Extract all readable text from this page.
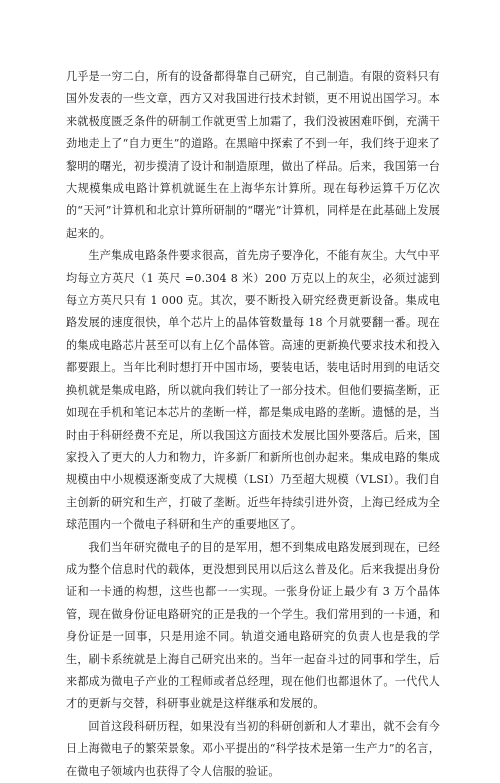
几乎是一穷二白，所有的设备都得靠自己研究，自己制造。有限的资料只有国外发表的一些文章，西方又对我国进行技术封锁，更不用说出国学习。本来就极度匮乏条件的研制工作就更雪上加霜了，我们没被困难吓倒，充满干劲地走上了“自力更生”的道路。在黑暗中探索了不到一年，我们终于迎来了黎明的曙光，初步摸清了设计和制造原理，做出了样品。后来，我国第一台大规模集成电路计算机就诞生在上海华东计算所。现在每秒运算千万亿次的“天河”计算机和北京计算所研制的“曙光”计算机，同样是在此基础上发展起来的。

生产集成电路条件要求很高，首先房子要净化，不能有灰尘。大气中平均每立方英尺（1 英尺 =0.304 8 米）200 万克以上的灰尘，必须过滤到每立方英尺只有 1 000 克。其次，要不断投入研究经费更新设备。集成电路发展的速度很快，单个芯片上的晶体管数量每 18 个月就要翻一番。现在的集成电路芯片甚至可以有上亿个晶体管。高速的更新换代要求技术和投入都要跟上。当年比利时想打开中国市场，要装电话，装电话时用到的电话交换机就是集成电路，所以就向我们转让了一部分技术。但他们要搞垄断，正如现在手机和笔记本芯片的垄断一样，都是集成电路的垄断。遗憾的是，当时由于科研经费不充足，所以我国这方面技术发展比国外要落后。后来，国家投入了更大的人力和物力，许多新厂和新所也创办起来。集成电路的集成规模由中小规模逐渐变成了大规模（LSI）乃至超大规模（VLSI）。我们自主创新的研究和生产，打破了垄断。近些年持续引进外资，上海已经成为全球范围内一个微电子科研和生产的重要地区了。

我们当年研究微电子的目的是军用，想不到集成电路发展到现在，已经成为整个信息时代的载体，更没想到民用以后这么普及化。后来我提出身份证和一卡通的构想，这些也都一一实现。一张身份证上最少有 3 万个晶体管，现在做身份证电路研究的正是我的一个学生。我们常用到的一卡通，和身份证是一回事，只是用途不同。轨道交通电路研究的负责人也是我的学生，刷卡系统就是上海自己研究出来的。当年一起奋斗过的同事和学生，后来都成为微电子产业的工程师或者总经理，现在他们也都退休了。一代代人才的更新与交替，科研事业就是这样继承和发展的。

回首这段科研历程，如果没有当初的科研创新和人才辈出，就不会有今日上海微电子的繁荣景象。邓小平提出的“科学技术是第一生产力”的名言，在微电子领域内也获得了令人信服的验证。
